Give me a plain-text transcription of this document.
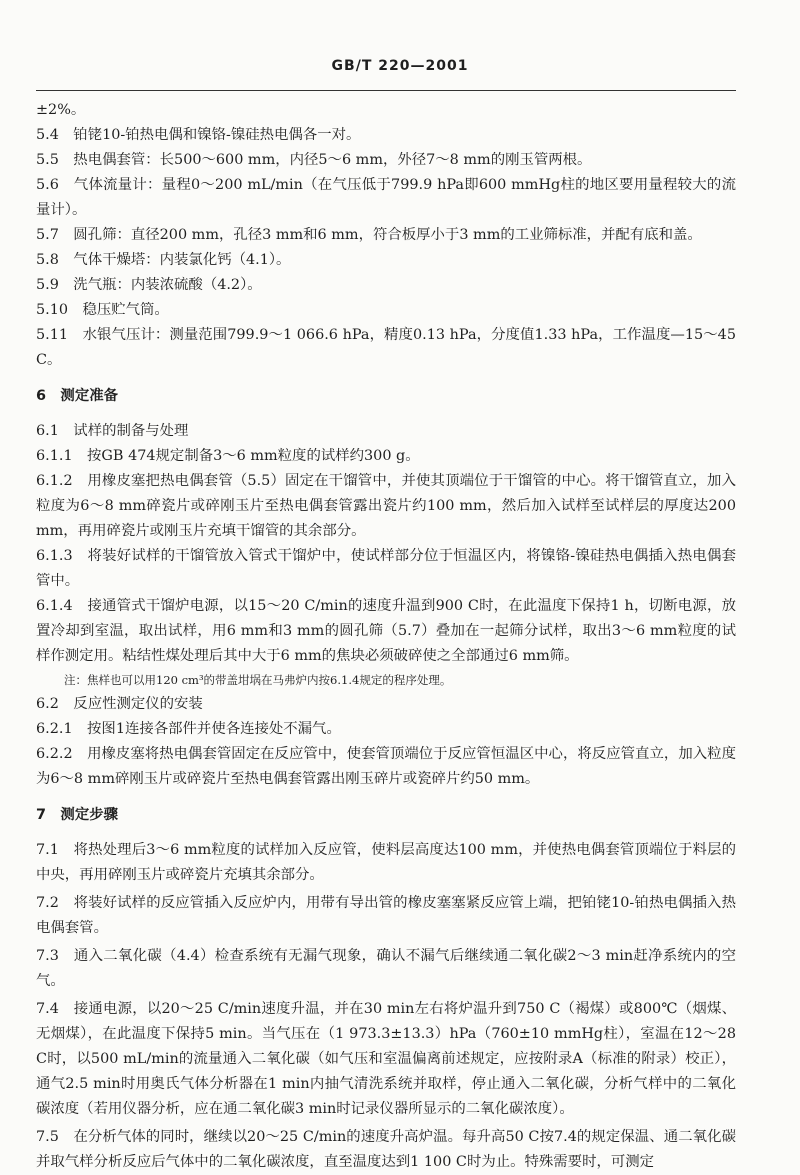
GB/T 220—2001

±2%。

5.4　 铂铑10-铂热电偶和镍铬-镍硅热电偶各一对。

5.5　 热电偶套管：长500～600 mm，内径5～6 mm，外径7～8 mm的刚玉管两根。

5.6　 气体流量计：量程0～200 mL/min（在气压低于799.9 hPa即600 mmHg柱的地区要用量程较大的流量计）。

5.7　 圆孔筛：直径200 mm，孔径3 mm和6 mm，符合板厚小于3 mm的工业筛标准，并配有底和盖。

5.8　 气体干燥塔：内装氯化钙（4.1）。

5.9　 洗气瓶：内装浓硫酸（4.2）。

5.10　 稳压贮气筒。

5.11　 水银气压计：测量范围799.9～1 066.6 hPa，精度0.13 hPa，分度值1.33 hPa，工作温度—15～45 C。

6　 测定准备

6.1　 试样的制备与处理

6.1.1　 按GB 474规定制备3～6 mm粒度的试样约300 g。

6.1.2　 用橡皮塞把热电偶套管（5.5）固定在干馏管中，并使其顶端位于干馏管的中心。将干馏管直立，加入粒度为6～8 mm碎瓷片或碎刚玉片至热电偶套管露出瓷片约100 mm，然后加入试样至试样层的厚度达200 mm，再用碎瓷片或刚玉片充填干馏管的其余部分。

6.1.3　 将装好试样的干馏管放入管式干馏炉中，使试样部分位于恒温区内，将镍铬-镍硅热电偶插入热电偶套管中。

6.1.4　 接通管式干馏炉电源，以15～20 C/min的速度升温到900 C时，在此温度下保持1 h，切断电源，放置冷却到室温，取出试样，用6 mm和3 mm的圆孔筛（5.7）叠加在一起筛分试样，取出3～6 mm粒度的试样作测定用。粘结性煤处理后其中大于6 mm的焦块必须破碎使之全部通过6 mm筛。

注：焦样也可以用120 cm³的带盖坩埚在马弗炉内按6.1.4规定的程序处理。

6.2　 反应性测定仪的安装

6.2.1　 按图1连接各部件并使各连接处不漏气。

6.2.2　 用橡皮塞将热电偶套管固定在反应管中，使套管顶端位于反应管恒温区中心，将反应管直立，加入粒度为6～8 mm碎刚玉片或碎瓷片至热电偶套管露出刚玉碎片或瓷碎片约50 mm。

7　 测定步骤

7.1　 将热处理后3～6 mm粒度的试样加入反应管，使料层高度达100 mm，并使热电偶套管顶端位于料层的中央，再用碎刚玉片或碎瓷片充填其余部分。

7.2　 将装好试样的反应管插入反应炉内，用带有导出管的橡皮塞塞紧反应管上端，把铂铑10-铂热电偶插入热电偶套管。

7.3　 通入二氧化碳（4.4）检查系统有无漏气现象，确认不漏气后继续通二氧化碳2～3 min赶净系统内的空气。

7.4　 接通电源，以20～25 C/min速度升温，并在30 min左右将炉温升到750 C（褐煤）或800℃（烟煤、无烟煤），在此温度下保持5 min。当气压在（1 973.3±13.3）hPa（760±10 mmHg柱），室温在12～28 C时，以500 mL/min的流量通入二氧化碳（如气压和室温偏离前述规定，应按附录A（标准的附录）校正），通气2.5 min时用奥氏气体分析器在1 min内抽气清洗系统并取样，停止通入二氧化碳，分析气样中的二氧化碳浓度（若用仪器分析，应在通二氧化碳3 min时记录仪器所显示的二氧化碳浓度）。

7.5　 在分析气体的同时，继续以20～25 C/min的速度升高炉温。每升高50 C按7.4的规定保温、通二氧化碳并取气样分析反应后气体中的二氧化碳浓度，直至温度达到1 100 C时为止。特殊需要时，可测定
